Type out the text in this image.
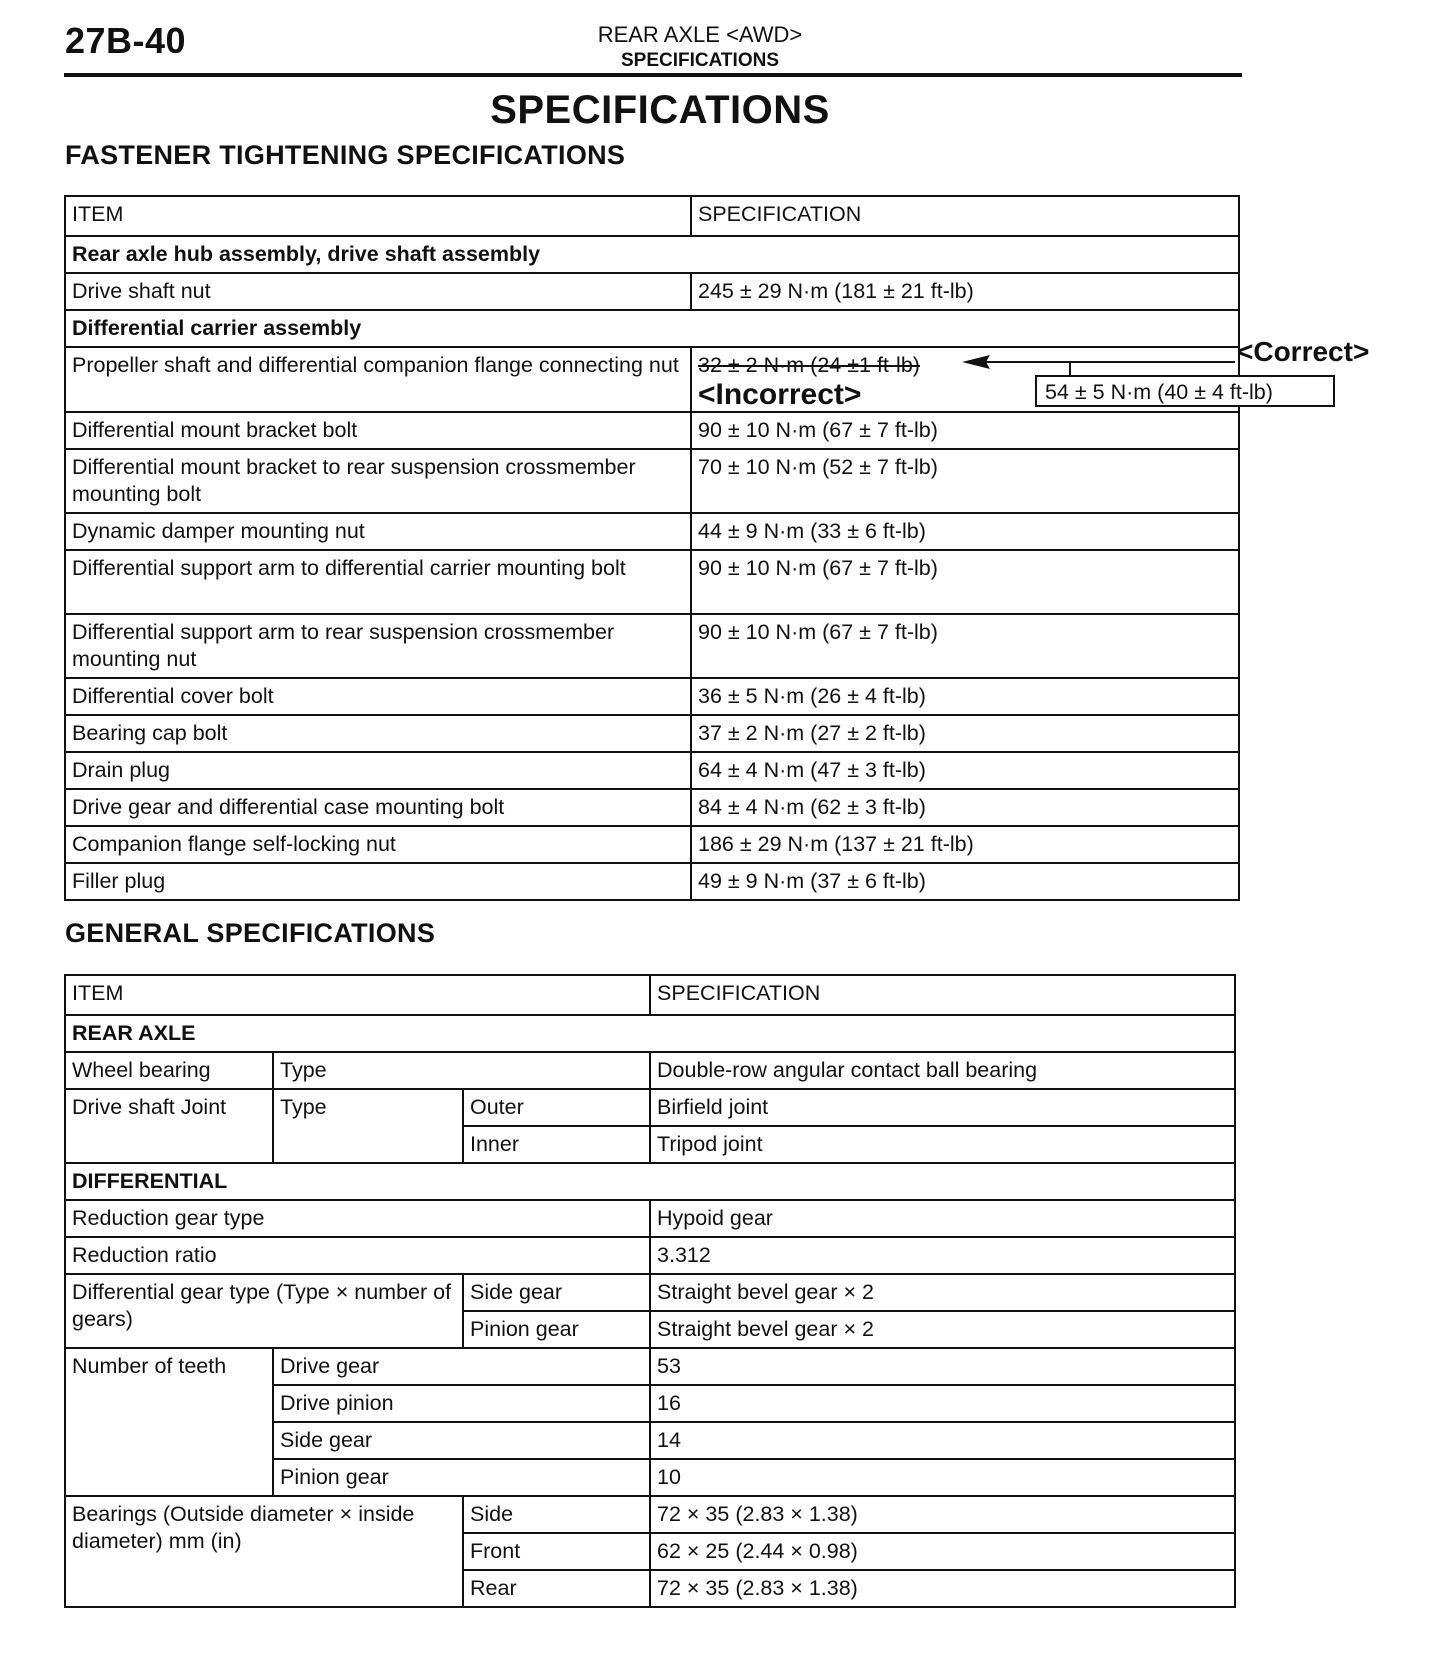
27B-40	REAR AXLE <AWD>
SPECIFICATIONS
SPECIFICATIONS
FASTENER TIGHTENING SPECIFICATIONS
ITEM	SPECIFICATION
Rear axle hub assembly, drive shaft assembly	
Drive shaft nut	245 ± 29 N·m (181 ± 21 ft-lb)
Differential carrier assembly	
Propeller shaft and differential companion flange connecting nut	32 ± 2 N·m (24 ±1 ft-lb)
<Incorrect>

Differential mount bracket bolt	90 ± 10 N·m (67 ± 7 ft-lb)
Differential mount bracket to rear suspension crossmember mounting bolt	70 ± 10 N·m (52 ± 7 ft-lb)
Dynamic damper mounting nut	44 ± 9 N·m (33 ± 6 ft-lb)
Differential support arm to differential carrier mounting bolt	90 ± 10 N·m (67 ± 7 ft-lb)
Differential support arm to rear suspension crossmember mounting nut	90 ± 10 N·m (67 ± 7 ft-lb)
Differential cover bolt	36 ± 5 N·m (26 ± 4 ft-lb)
Bearing cap bolt	37 ± 2 N·m (27 ± 2 ft-lb)
Drain plug	64 ± 4 N·m (47 ± 3 ft-lb)
Drive gear and differential case mounting bolt	84 ± 4 N·m (62 ± 3 ft-lb)
Companion flange self-locking nut	186 ± 29 N·m (137 ± 21 ft-lb)
Filler plug	49 ± 9 N·m (37 ± 6 ft-lb)
<Correct>
54 ± 5 N·m (40 ± 4 ft-lb)
GENERAL SPECIFICATIONS
ITEM			SPECIFICATION
REAR AXLE			
Wheel bearing	Type		Double-row angular contact ball bearing
Drive shaft Joint	Type	Outer	Birfield joint
		Inner	Tripod joint
DIFFERENTIAL			
Reduction gear type			Hypoid gear
Reduction ratio			3.312
Differential gear type (Type × number of gears)		Side gear	Straight bevel gear × 2
		Pinion gear	Straight bevel gear × 2
Number of teeth	Drive gear		53
	Drive pinion		16
	Side gear		14
	Pinion gear		10
Bearings (Outside diameter × inside diameter) mm (in)		Side	72 × 35 (2.83 × 1.38)
		Front	62 × 25 (2.44 × 0.98)
		Rear	72 × 35 (2.83 × 1.38)
